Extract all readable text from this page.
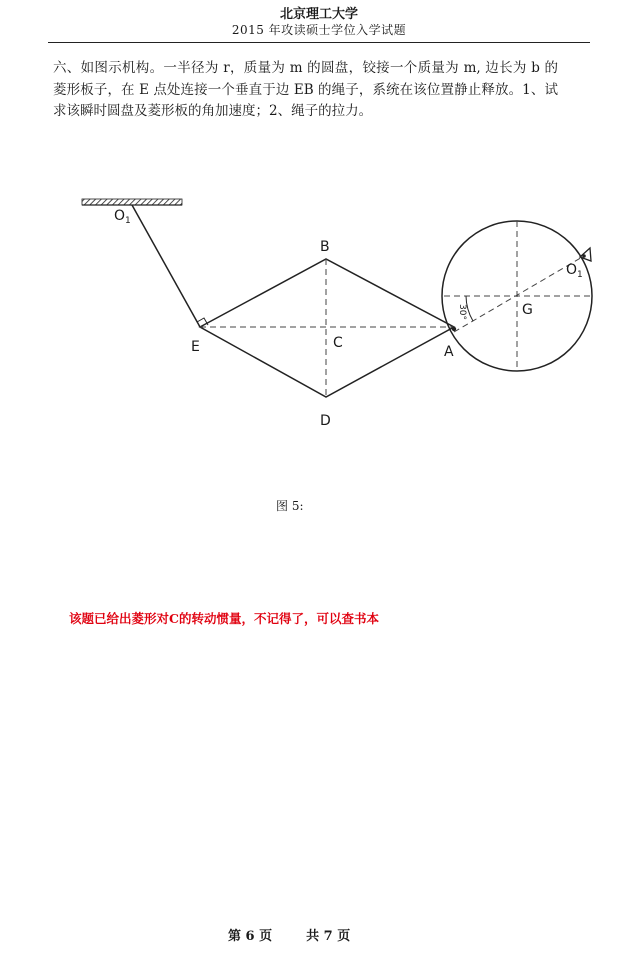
北京理工大学
2015 年攻读硕士学位入学试题
六、如图示机构。一半径为 r，质量为 m 的圆盘，铰接一个质量为 m, 边长为 b 的菱形板子，在 E 点处连接一个垂直于边 EB 的绳子，系统在该位置静止释放。1、试求该瞬时圆盘及菱形板的角加速度；2、绳子的拉力。
O 1
B
E	C
A
D
G
O 1
30°
图 5:
该题已给出菱形对C的转动惯量，不记得了，可以查书本
第 6 页	共 7 页
